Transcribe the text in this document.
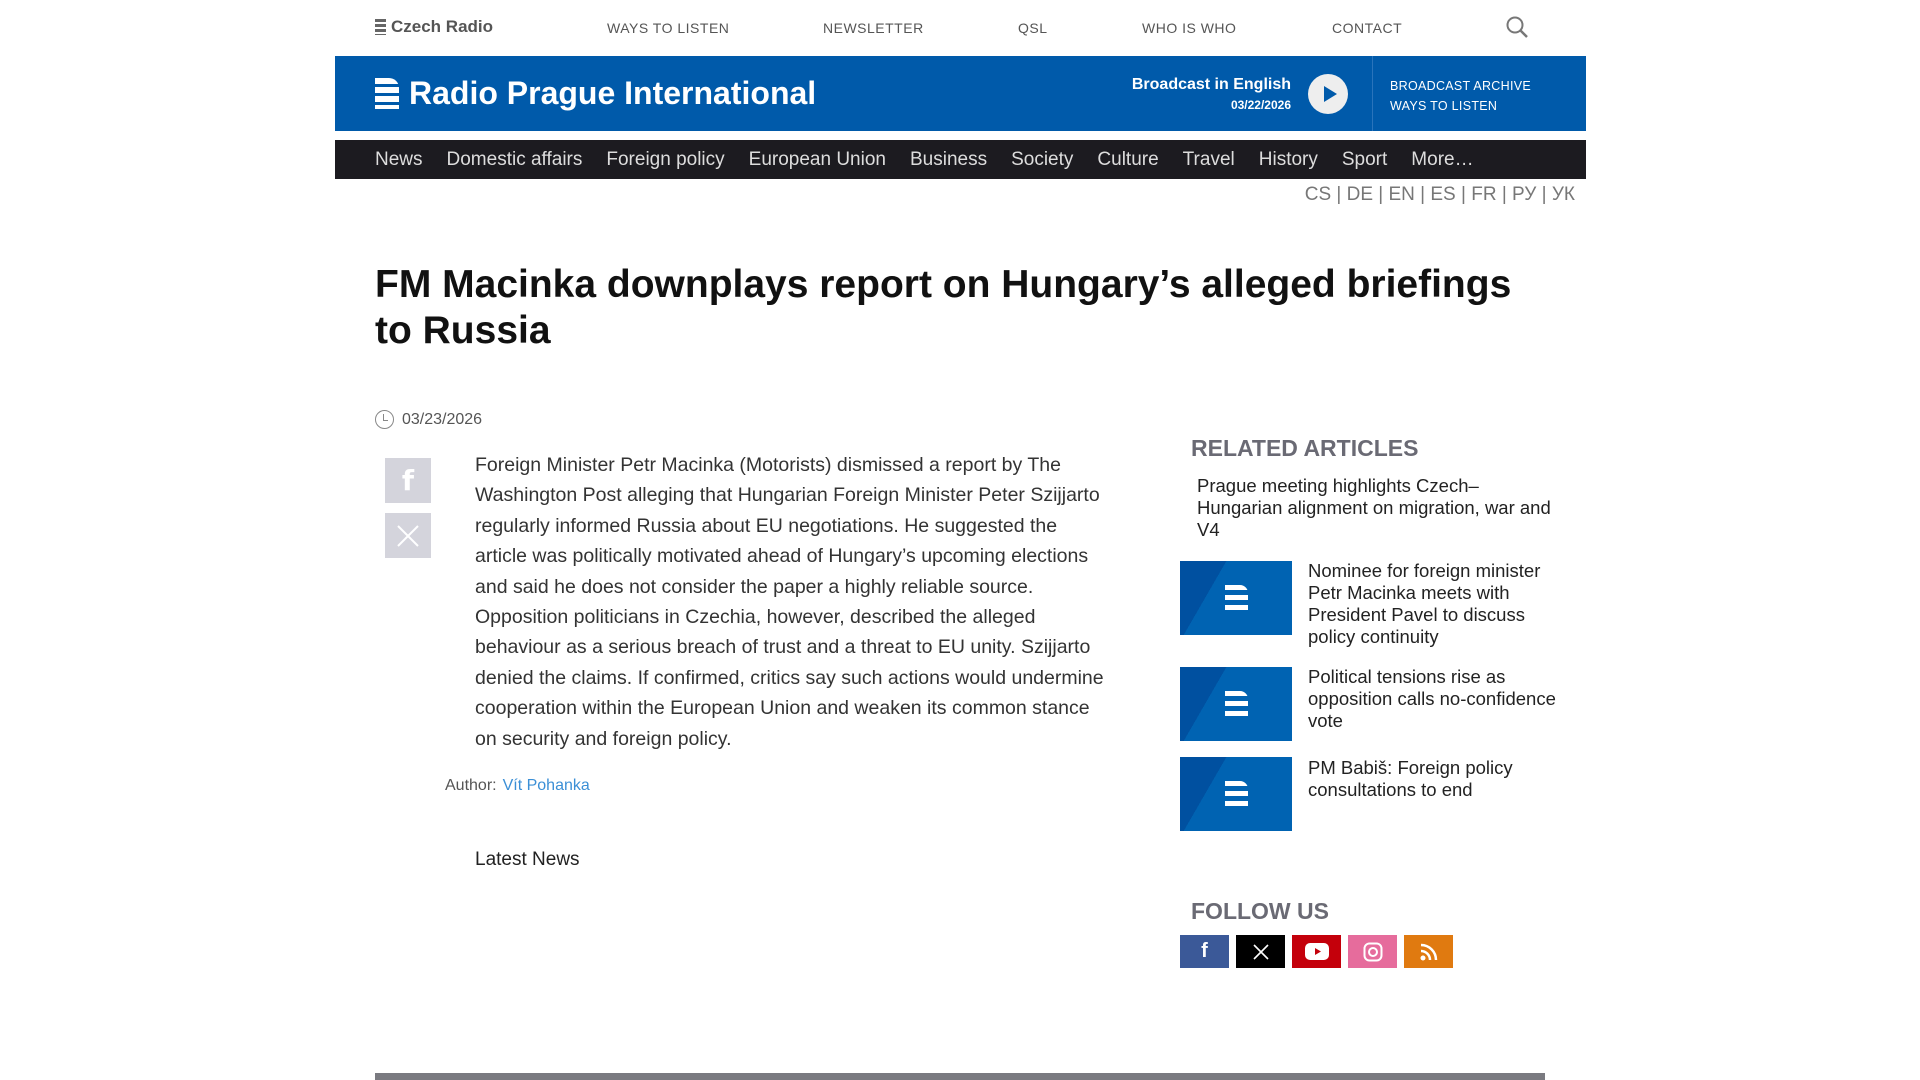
Czech Radio	WAYS TO LISTEN	NEWSLETTER	QSL	WHO IS WHO	CONTACT
Radio Prague International	Broadcast in English
03/22/2026
BROADCAST ARCHIVE
WAYS TO LISTEN
News Domestic affairs Foreign policy European Union Business Society Culture Travel History Sport More…
CS | DE | EN | ES | FR | РУ | УК
FM Macinka downplays report on Hungary’s alleged briefings to Russia
03/23/2026
f	Foreign Minister Petr Macinka (Motorists) dismissed a report by The Washington Post alleging that Hungarian Foreign Minister Peter Szijjarto regularly informed Russia about EU negotiations. He suggested the article was politically motivated ahead of Hungary’s upcoming elections and said he does not consider the paper a highly reliable source. Opposition politicians in Czechia, however, described the alleged behaviour as a serious breach of trust and a threat to EU unity. Szijjarto denied the claims. If confirmed, critics say such actions would undermine cooperation within the European Union and weaken its common stance on security and foreign policy.

Author: Vít Pohanka
Latest News
RELATED ARTICLES
Prague meeting highlights Czech–Hungarian alignment on migration, war and V4
Nominee for foreign minister Petr Macinka meets with President Pavel to discuss policy continuity
Political tensions rise as opposition calls no-confidence vote
PM Babiš: Foreign policy consultations to end
FOLLOW US
f
